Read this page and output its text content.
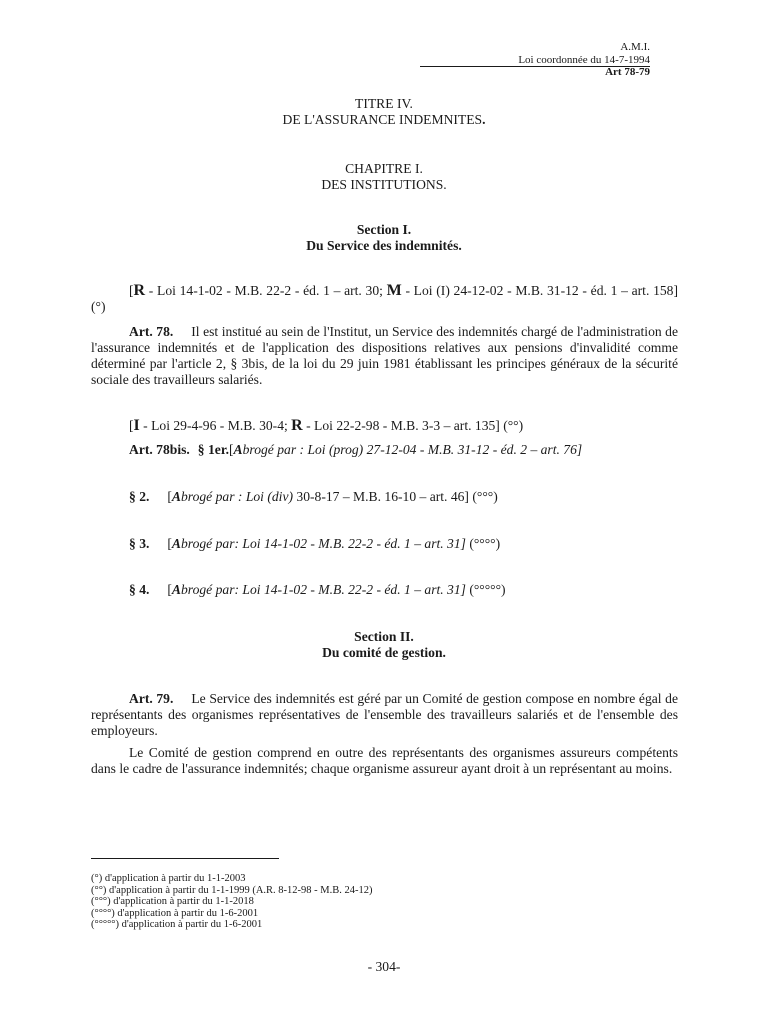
A.M.I.
Loi coordonnée du 14-7-1994
Art 78-79
TITRE IV.
DE L'ASSURANCE INDEMNITES.
CHAPITRE I.
DES INSTITUTIONS.
Section I.
Du Service des indemnités.
[R - Loi 14-1-02 - M.B. 22-2 - éd. 1 – art. 30; M - Loi (I) 24-12-02 - M.B. 31-12 - éd. 1 – art. 158] (°)
Art. 78. Il est institué au sein de l'Institut, un Service des indemnités chargé de l'administration de l'assurance indemnités et de l'application des dispositions relatives aux pensions d'invalidité comme déterminé par l'article 2, § 3bis, de la loi du 29 juin 1981 établissant les principes généraux de la sécurité sociale des travailleurs salariés.
[I - Loi 29-4-96 - M.B. 30-4; R - Loi 22-2-98 - M.B. 3-3 – art. 135] (°°)
Art. 78bis. § 1er.[Abrogé par : Loi (prog) 27-12-04 - M.B. 31-12 - éd. 2 – art. 76]
§ 2. [Abrogé par : Loi (div) 30-8-17 – M.B. 16-10 – art. 46] (°°°)
§ 3. [Abrogé par: Loi 14-1-02 - M.B. 22-2 - éd. 1 – art. 31] (°°°°)
§ 4. [Abrogé par: Loi 14-1-02 - M.B. 22-2 - éd. 1 – art. 31] (°°°°°)
Section II.
Du comité de gestion.
Art. 79. Le Service des indemnités est géré par un Comité de gestion compose en nombre égal de représentants des organismes représentatives de l'ensemble des travailleurs salariés et de l'ensemble des employeurs.
Le Comité de gestion comprend en outre des représentants des organismes assureurs compétents dans le cadre de l'assurance indemnités; chaque organisme assureur ayant droit à un représentant au moins.
(°) d'application à partir du 1-1-2003
(°°) d'application à partir du 1-1-1999 (A.R. 8-12-98 - M.B. 24-12)
(°°°) d'application à partir du 1-1-2018
(°°°°) d'application à partir du 1-6-2001
(°°°°°) d'application à partir du 1-6-2001
- 304-
